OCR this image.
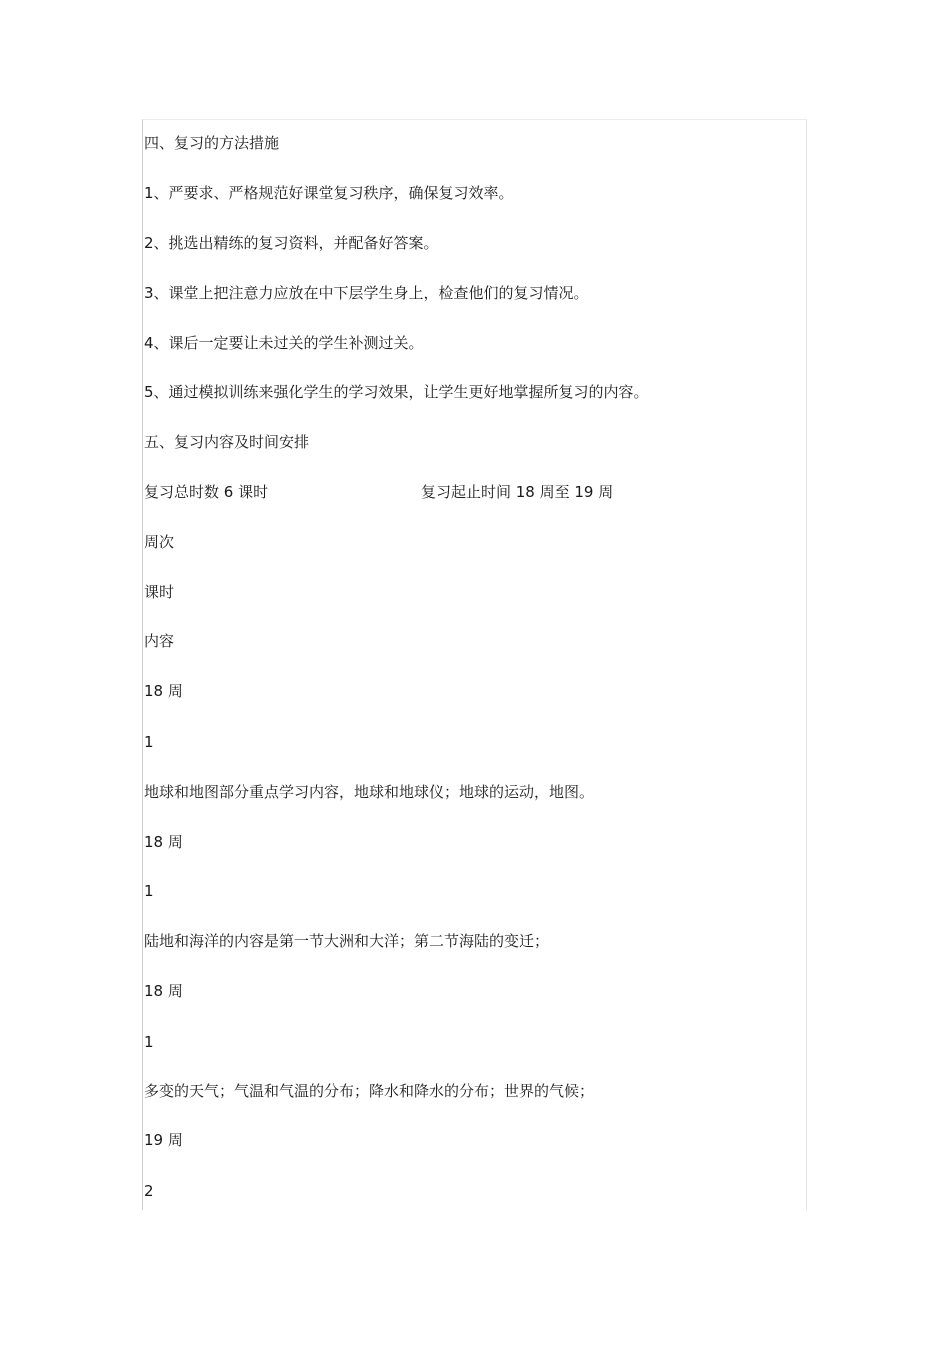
四、复习的方法措施
1、严要求、严格规范好课堂复习秩序，确保复习效率。
2、挑选出精练的复习资料，并配备好答案。
3、课堂上把注意力应放在中下层学生身上，检查他们的复习情况。
4、课后一定要让未过关的学生补测过关。
5、通过模拟训练来强化学生的学习效果，让学生更好地掌握所复习的内容。
五、复习内容及时间安排
复习总时数 6 课时	复习起止时间 18 周至 19 周
周次
课时
内容
18 周
1
地球和地图部分重点学习内容，地球和地球仪；地球的运动，地图。
18 周
1
陆地和海洋的内容是第一节大洲和大洋；第二节海陆的变迁；
18 周
1
多变的天气；气温和气温的分布；降水和降水的分布；世界的气候；
19 周
2
